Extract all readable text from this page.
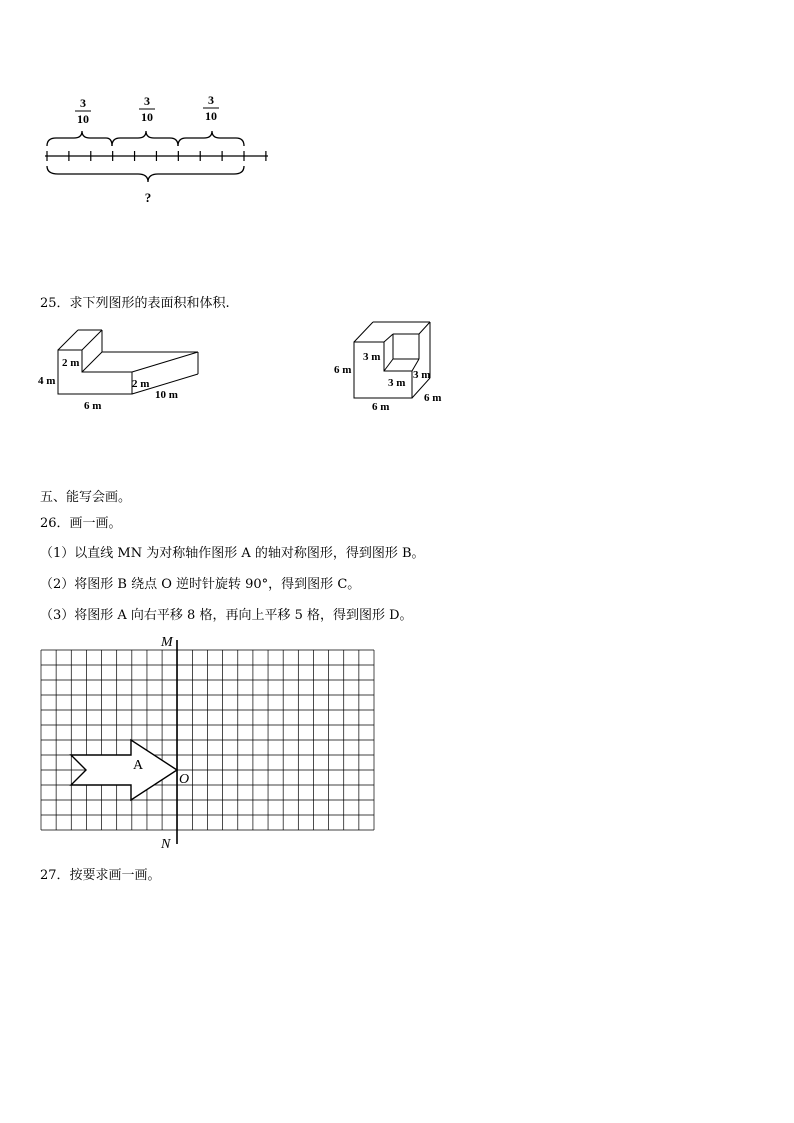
3
10
3
10
3
10
?
25．求下列图形的表面积和体积.
4 m
2 m
2 m
6 m
10 m
3 m
3 m
3 m
6 m
6 m
6 m
五、能写会画。
26．画一画。
（1）以直线 MN 为对称轴作图形 A 的轴对称图形，得到图形 B。
（2）将图形 B 绕点 O 逆时针旋转 90°，得到图形 C。
（3）将图形 A 向右平移 8 格，再向上平移 5 格，得到图形 D。
M
N
O
A
27．按要求画一画。
